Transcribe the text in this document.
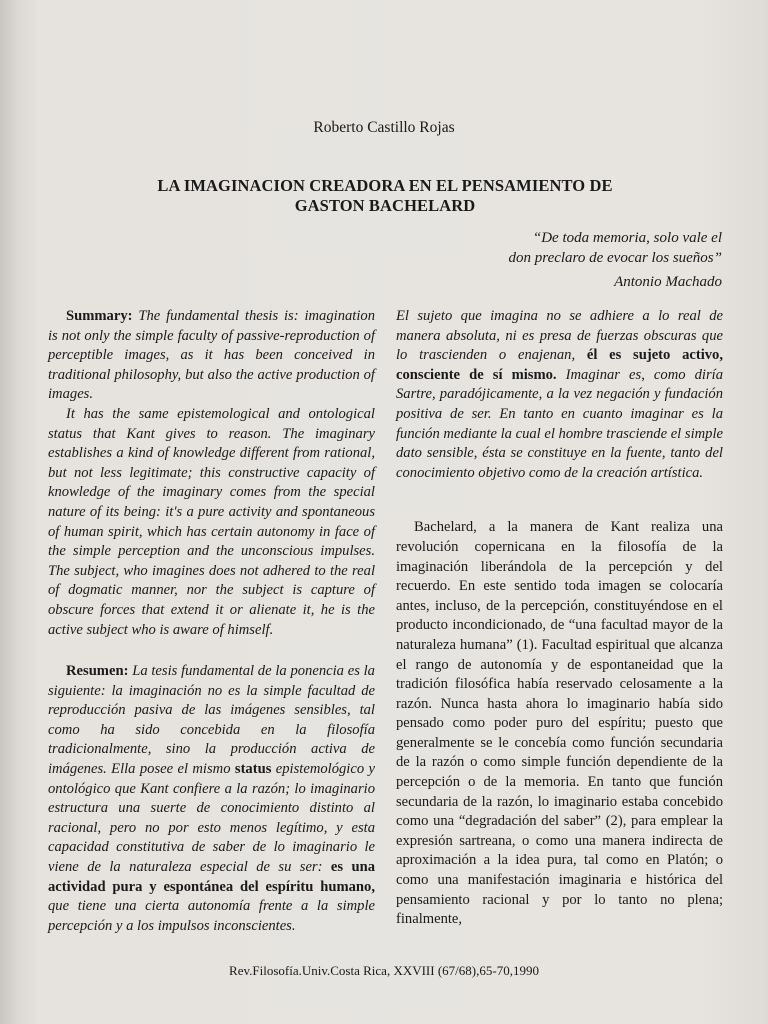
Roberto Castillo Rojas
LA IMAGINACION CREADORA EN EL PENSAMIENTO DE
GASTON BACHELARD
“De toda memoria, solo vale el
don preclaro de evocar los sueños”
Antonio Machado

Summary: The fundamental thesis is: imagination is not only the simple faculty of passive-reproduction of perceptible images, as it has been conceived in traditional philosophy, but also the active production of images.

It has the same epistemological and ontological status that Kant gives to reason. The imaginary establishes a kind of knowledge different from rational, but not less legitimate; this constructive capacity of knowledge of the imaginary comes from the special nature of its being: it's a pure activity and spontaneous of human spirit, which has certain autonomy in face of the simple perception and the unconscious impulses. The subject, who imagines does not adhered to the real of dogmatic manner, nor the subject is capture of obscure forces that extend it or alienate it, he is the active subject who is aware of himself.

Resumen: La tesis fundamental de la ponencia es la siguiente: la imaginación no es la simple facultad de reproducción pasiva de las imágenes sensibles, tal como ha sido concebida en la filosofía tradicionalmente, sino la producción activa de imágenes. Ella posee el mismo status epistemológico y ontológico que Kant confiere a la razón; lo imaginario estructura una suerte de conocimiento distinto al racional, pero no por esto menos legítimo, y esta capacidad constitutiva de saber de lo imaginario le viene de la naturaleza especial de su ser: es una actividad pura y espontánea del espíritu humano, que tiene una cierta autonomía frente a la simple percepción y a los impulsos inconscientes.

El sujeto que imagina no se adhiere a lo real de manera absoluta, ni es presa de fuerzas obscuras que lo trascienden o enajenan, él es sujeto activo, consciente de sí mismo. Imaginar es, como diría Sartre, paradójicamente, a la vez negación y fundación positiva de ser. En tanto en cuanto imaginar es la función mediante la cual el hombre trasciende el simple dato sensible, ésta se constituye en la fuente, tanto del conocimiento objetivo como de la creación artística.

Bachelard, a la manera de Kant realiza una revolución copernicana en la filosofía de la imaginación liberándola de la percepción y del recuerdo. En este sentido toda imagen se colocaría antes, incluso, de la percepción, constituyéndose en el producto incondicionado, de “una facultad mayor de la naturaleza humana” (1). Facultad espiritual que alcanza el rango de autonomía y de espontaneidad que la tradición filosófica había reservado celosamente a la razón. Nunca hasta ahora lo imaginario había sido pensado como poder puro del espíritu; puesto que generalmente se le concebía como función secundaria de la razón o como simple función dependiente de la percepción o de la memoria. En tanto que función secundaria de la razón, lo imaginario estaba concebido como una “degradación del saber” (2), para emplear la expresión sartreana, o como una manera indirecta de aproximación a la idea pura, tal como en Platón; o como una manifestación imaginaria e histórica del pensamiento racional y por lo tanto no plena; finalmente,

Rev.Filosofía.Univ.Costa Rica, XXVIII (67/68),65-70,1990
